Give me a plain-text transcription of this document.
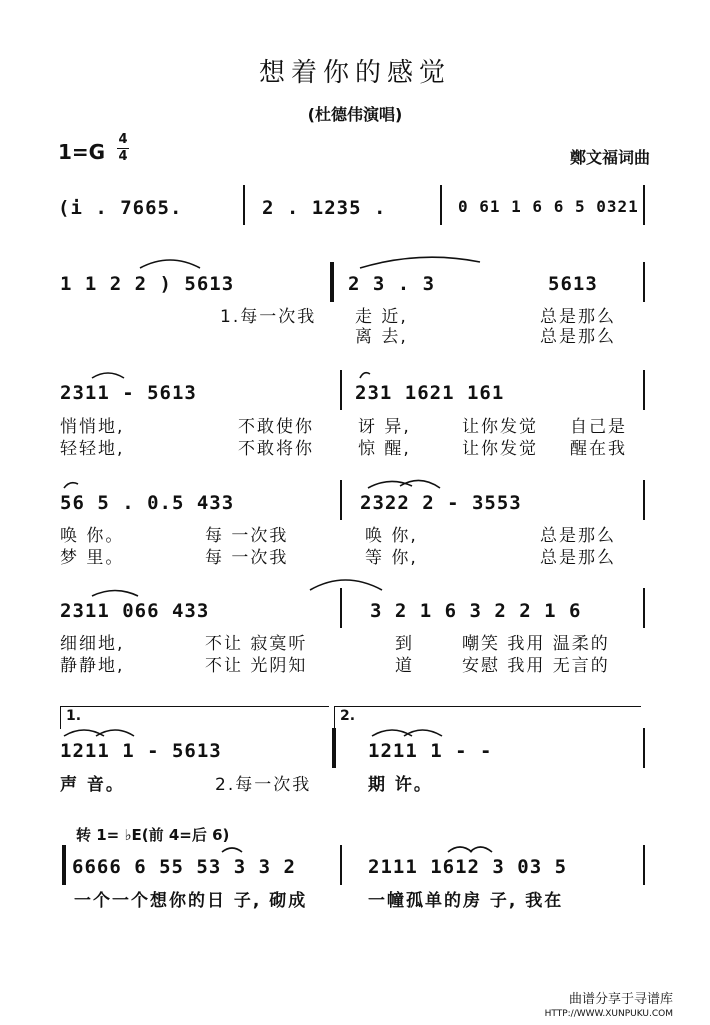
想着你的感觉
(杜德伟演唱)
1=G
4
4	鄭文福词曲
(i . 7665.	2 . 1235 .	0 61 1 6 6 5 0321
1 1 2 2 ) 5613	2 3 . 3	5613
1.每一次我 走 近,	总是那么
离 去,	总是那么
2311 - 5613	231 1621 161
悄悄地,	不敢使你	讶 异,	让你发觉 自己是
轻轻地,	不敢将你	惊 醒,	让你发觉 醒在我
56 5 . 0.5 433	2322 2 - 3553
唤 你。	每 一次我	唤 你,	总是那么
梦 里。	每 一次我	等 你,	总是那么
2311 066 433	3 2 1 6 3 2 2 1 6
细细地,	不让 寂寞听	到	嘲笑 我用 温柔的
静静地,	不让 光阴知	道	安慰 我用 无言的
1.	2.
1211 1 - 5613	1211 1 - -
声 音。	2.每一次我	期 许。
转 1= ♭E(前 4=后 6)
6666 6 55 53 3 3 2	2111 1612 3 03 5
一个一个想你的日 子, 砌成	一幢孤单的房 子, 我在
曲谱分享于寻谱库
HTTP://WWW.XUNPUKU.COM
